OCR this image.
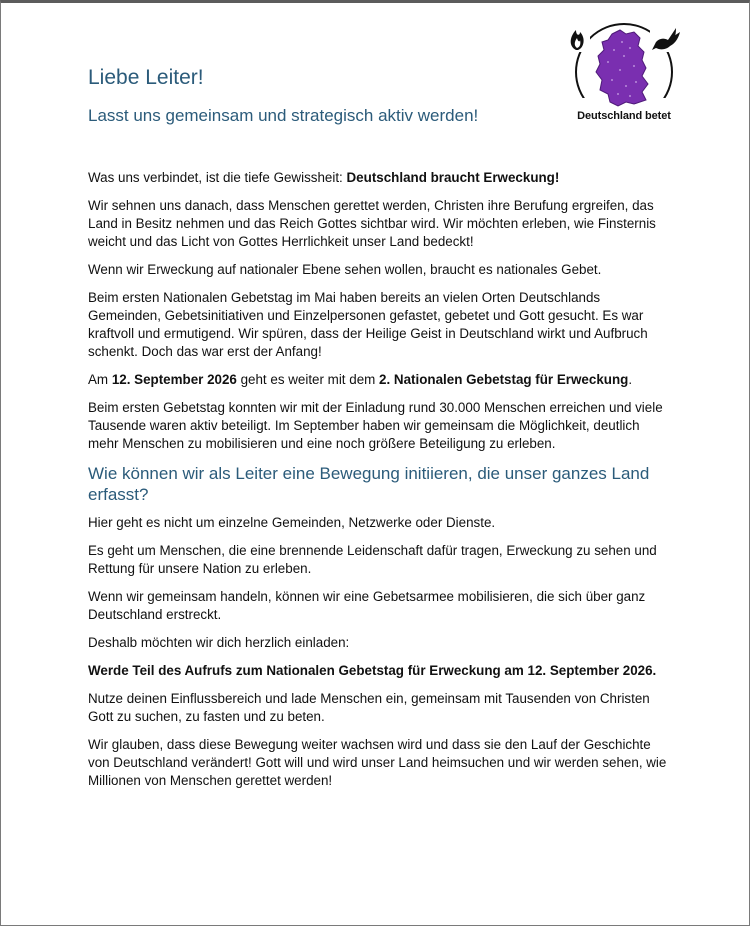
Deutschland betet
Liebe Leiter!
Lasst uns gemeinsam und strategisch aktiv werden!

Was uns verbindet, ist die tiefe Gewissheit: Deutschland braucht Erweckung!

Wir sehnen uns danach, dass Menschen gerettet werden, Christen ihre Berufung ergreifen, das Land in Besitz nehmen und das Reich Gottes sichtbar wird. Wir möchten erleben, wie Finsternis weicht und das Licht von Gottes Herrlichkeit unser Land bedeckt!

Wenn wir Erweckung auf nationaler Ebene sehen wollen, braucht es nationales Gebet.

Beim ersten Nationalen Gebetstag im Mai haben bereits an vielen Orten Deutschlands Gemeinden, Gebetsinitiativen und Einzelpersonen gefastet, gebetet und Gott gesucht. Es war kraftvoll und ermutigend. Wir spüren, dass der Heilige Geist in Deutschland wirkt und Aufbruch schenkt. Doch das war erst der Anfang!

Am 12. September 2026 geht es weiter mit dem 2. Nationalen Gebetstag für Erweckung.

Beim ersten Gebetstag konnten wir mit der Einladung rund 30.000 Menschen erreichen und viele Tausende waren aktiv beteiligt. Im September haben wir gemeinsam die Möglichkeit, deutlich mehr Menschen zu mobilisieren und eine noch größere Beteiligung zu erleben.

Wie können wir als Leiter eine Bewegung initiieren, die unser ganzes Land erfasst?

Hier geht es nicht um einzelne Gemeinden, Netzwerke oder Dienste.

Es geht um Menschen, die eine brennende Leidenschaft dafür tragen, Erweckung zu sehen und Rettung für unsere Nation zu erleben.

Wenn wir gemeinsam handeln, können wir eine Gebetsarmee mobilisieren, die sich über ganz Deutschland erstreckt.

Deshalb möchten wir dich herzlich einladen:

Werde Teil des Aufrufs zum Nationalen Gebetstag für Erweckung am 12. September 2026.

Nutze deinen Einflussbereich und lade Menschen ein, gemeinsam mit Tausenden von Christen Gott zu suchen, zu fasten und zu beten.

Wir glauben, dass diese Bewegung weiter wachsen wird und dass sie den Lauf der Geschichte von Deutschland verändert! Gott will und wird unser Land heimsuchen und wir werden sehen, wie Millionen von Menschen gerettet werden!
